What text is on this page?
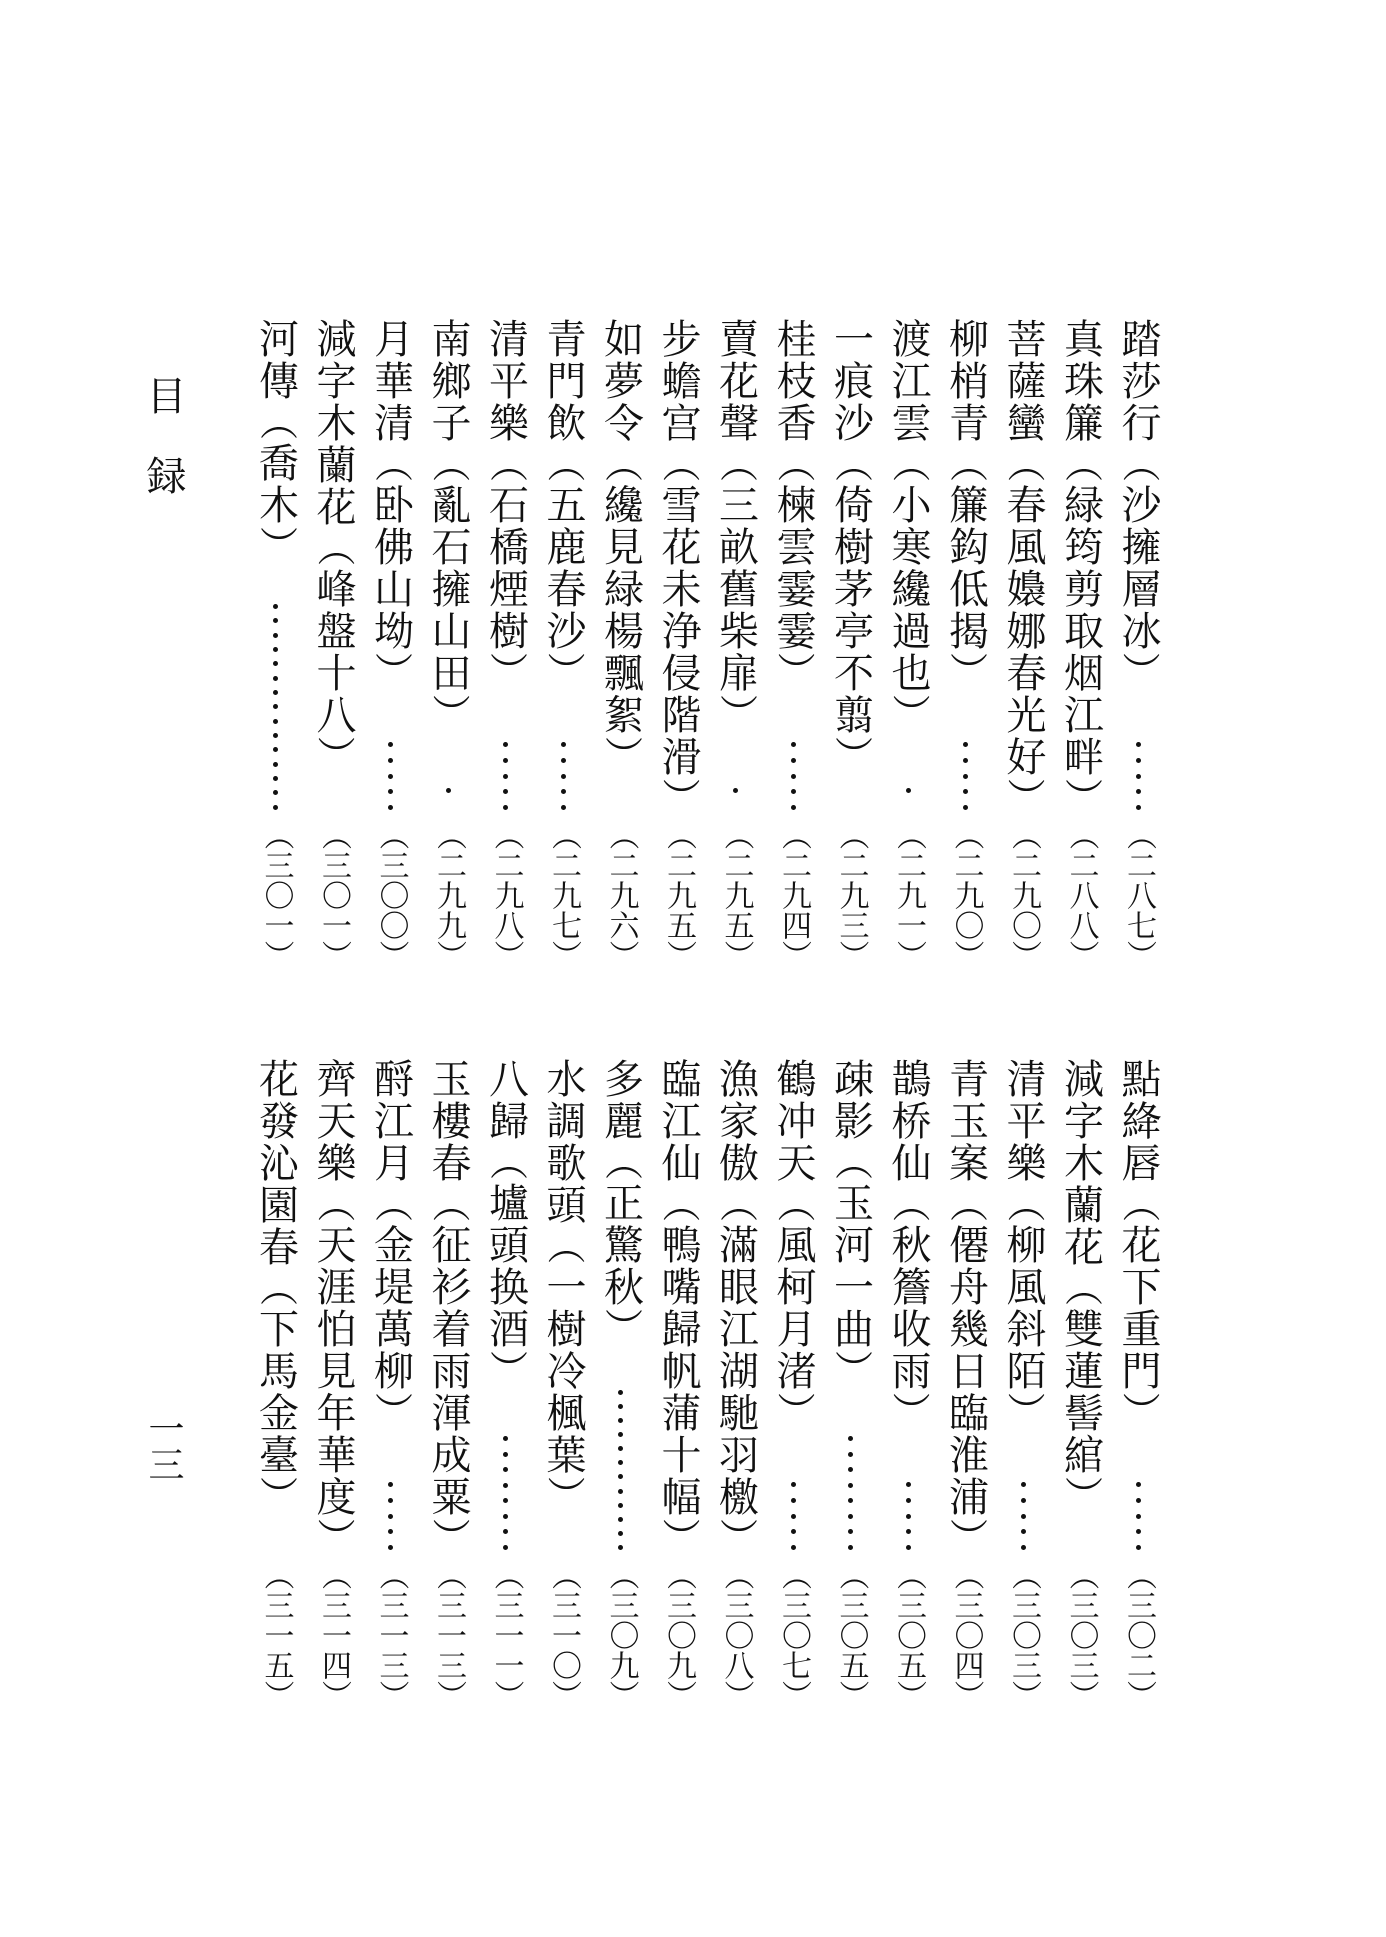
目録
一三
踏莎行（沙擁層冰）
（二八七）
真珠簾（緑筠剪取烟江畔）
（二八八）
菩薩蠻（春風嬝娜春光好）
（二九〇）
柳梢青（簾鈎低揭）
（二九〇）
渡江雲（小寒纔過也）
（二九一）
一痕沙（倚樹茅亭不翦）
（二九三）
桂枝香（楝雲霎霎）
（二九四）
賣花聲（三畝舊柴扉）
（二九五）
步蟾宫（雪花未浄侵階滑）
（二九五）
如夢令（纔見緑楊飄絮）
（二九六）
青門飲（五鹿春沙）
（二九七）
清平樂（石橋煙樹）
（二九八）
南鄉子（亂石擁山田）
（二九九）
月華清（卧佛山坳）
（三〇〇）
減字木蘭花（峰盤十八）
（三〇一）
河傳（喬木）
（三〇一）
點絳唇（花下重門）
（三〇二）
減字木蘭花（雙蓮髻綰）
（三〇三）
清平樂（柳風斜陌）
（三〇三）
青玉案（僊舟幾日臨淮浦）
（三〇四）
鵲桥仙（秋簷收雨）
（三〇五）
疎影（玉河一曲）
（三〇五）
鶴冲天（風柯月渚）
（三〇七）
漁家傲（滿眼江湖馳羽檄）
（三〇八）
臨江仙（鴨嘴歸帆蒲十幅）
（三〇九）
多麗（正驚秋）
（三〇九）
水調歌頭（一樹冷楓葉）
（三一〇）
八歸（壚頭换酒）
（三一一）
玉樓春（征衫着雨渾成粟）
（三一三）
酹江月（金堤萬柳）
（三一三）
齊天樂（天涯怕見年華度）
（三一四）
花發沁園春（下馬金臺）
（三一五）
